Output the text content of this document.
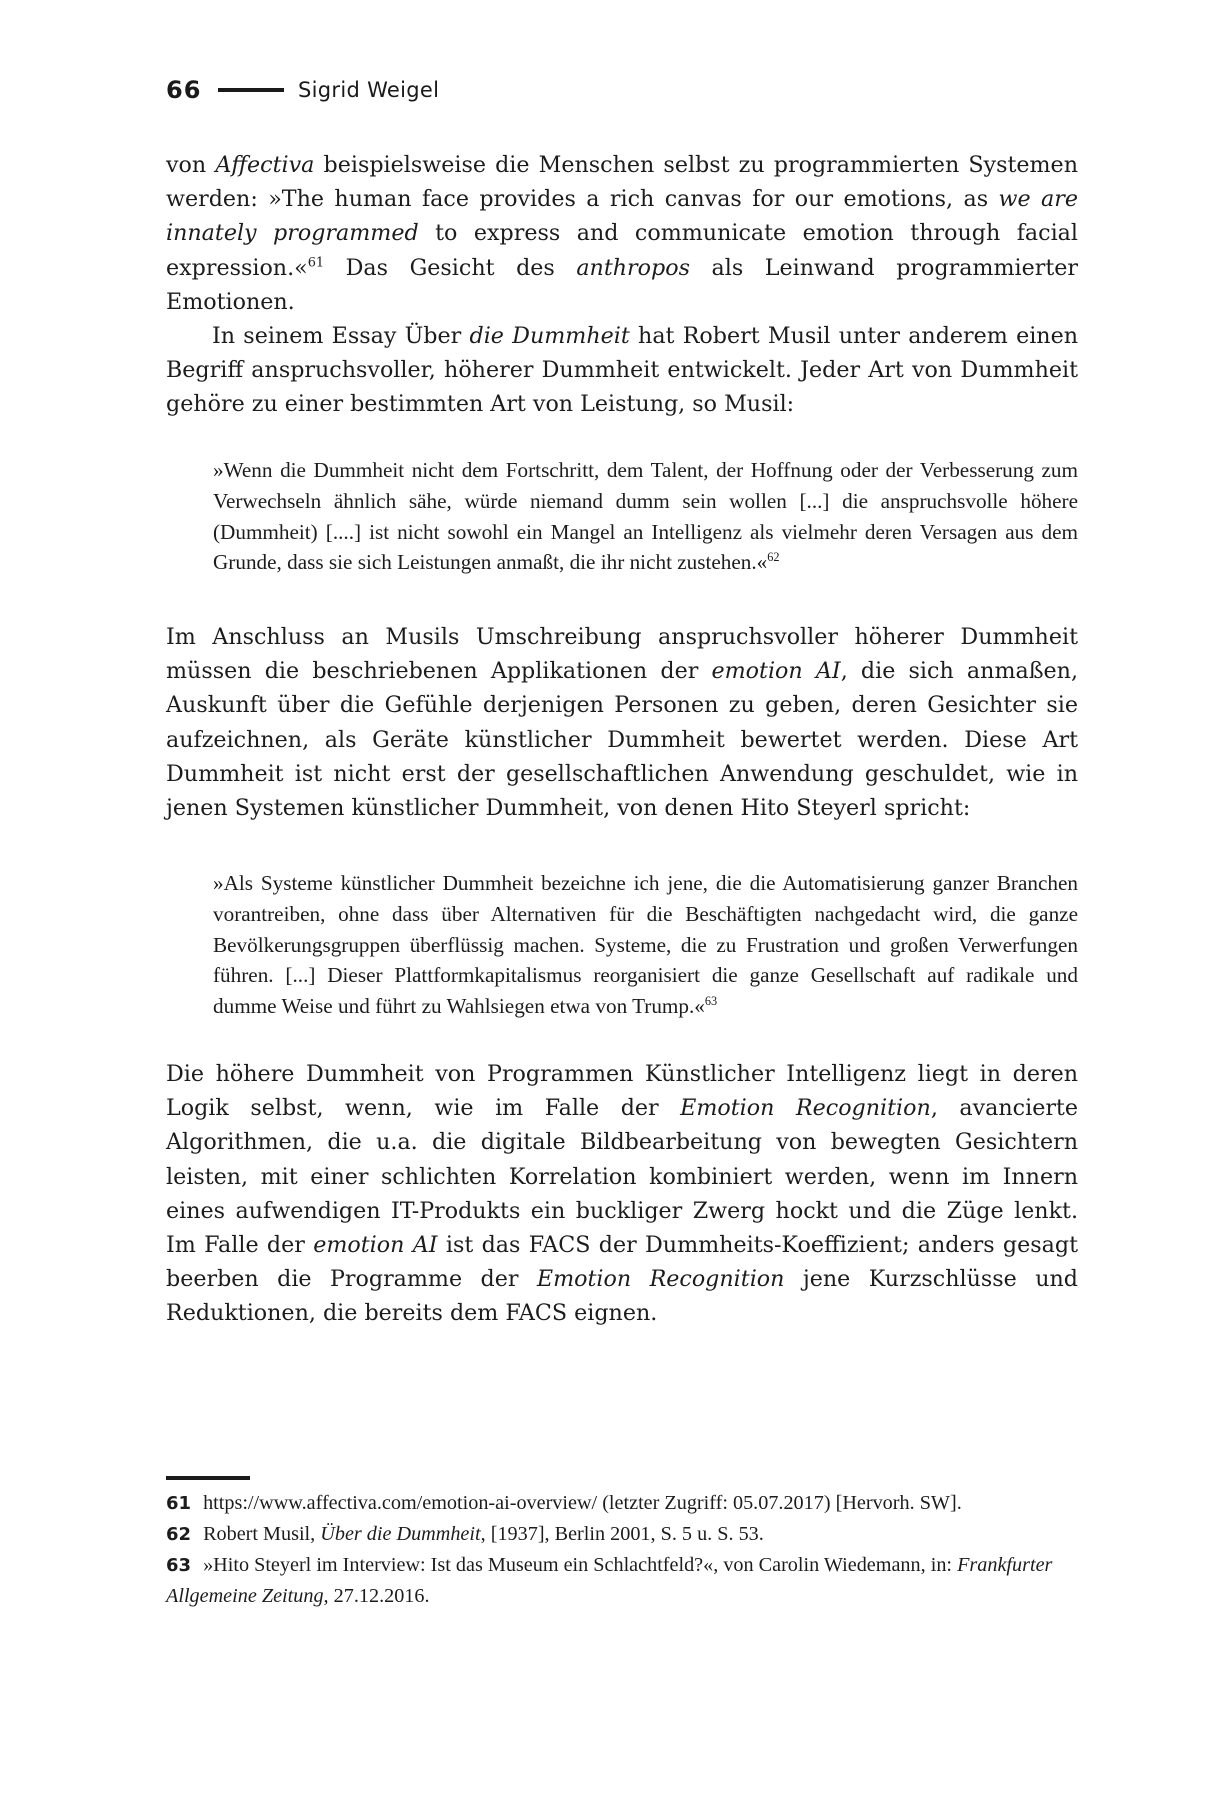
66	Sigrid Weigel

von Affectiva beispielsweise die Menschen selbst zu programmierten Systemen werden: »The human face provides a rich canvas for our emotions, as we are innately programmed to express and communicate emotion through facial expression.«$^{61}$ Das Gesicht des anthropos als Leinwand programmierter Emotionen.

In seinem Essay Über die Dummheit hat Robert Musil unter anderem einen Begriff anspruchsvoller, höherer Dummheit entwickelt. Jeder Art von Dummheit gehöre zu einer bestimmten Art von Leistung, so Musil:

»Wenn die Dummheit nicht dem Fortschritt, dem Talent, der Hoffnung oder der Verbesserung zum Verwechseln ähnlich sähe, würde niemand dumm sein wollen [...] die anspruchsvolle höhere (Dummheit) [....] ist nicht sowohl ein Mangel an Intelligenz als vielmehr deren Versagen aus dem Grunde, dass sie sich Leistungen anmaßt, die ihr nicht zustehen.«$^{62}$

Im Anschluss an Musils Umschreibung anspruchsvoller höherer Dummheit müssen die beschriebenen Applikationen der emotion AI, die sich anmaßen, Auskunft über die Gefühle derjenigen Personen zu geben, deren Gesichter sie aufzeichnen, als Geräte künstlicher Dummheit bewertet werden. Diese Art Dummheit ist nicht erst der gesellschaftlichen Anwendung geschuldet, wie in jenen Systemen künstlicher Dummheit, von denen Hito Steyerl spricht:

»Als Systeme künstlicher Dummheit bezeichne ich jene, die die Automatisierung ganzer Branchen vorantreiben, ohne dass über Alternativen für die Beschäftigten nachgedacht wird, die ganze Bevölkerungsgruppen überflüssig machen. Systeme, die zu Frustration und großen Verwerfungen führen. [...] Dieser Plattformkapitalismus reorganisiert die ganze Gesellschaft auf radikale und dumme Weise und führt zu Wahlsiegen etwa von Trump.«$^{63}$

Die höhere Dummheit von Programmen Künstlicher Intelligenz liegt in deren Logik selbst, wenn, wie im Falle der Emotion Recognition, avancierte Algorithmen, die u.a. die digitale Bildbearbeitung von bewegten Gesichtern leisten, mit einer schlichten Korrelation kombiniert werden, wenn im Innern eines aufwendigen IT-Produkts ein buckliger Zwerg hockt und die Züge lenkt. Im Falle der emotion AI ist das FACS der Dummheits-Koeffizient; anders gesagt beerben die Programme der Emotion Recognition jene Kurzschlüsse und Reduktionen, die bereits dem FACS eignen.

61 https://www.affectiva.com/emotion-ai-overview/ (letzter Zugriff: 05.07.2017) [Hervorh. SW].

62 Robert Musil, Über die Dummheit, [1937], Berlin 2001, S. 5 u. S. 53.

63 »Hito Steyerl im Interview: Ist das Museum ein Schlachtfeld?«, von Carolin Wiedemann, in: Frankfurter Allgemeine Zeitung, 27.12.2016.
